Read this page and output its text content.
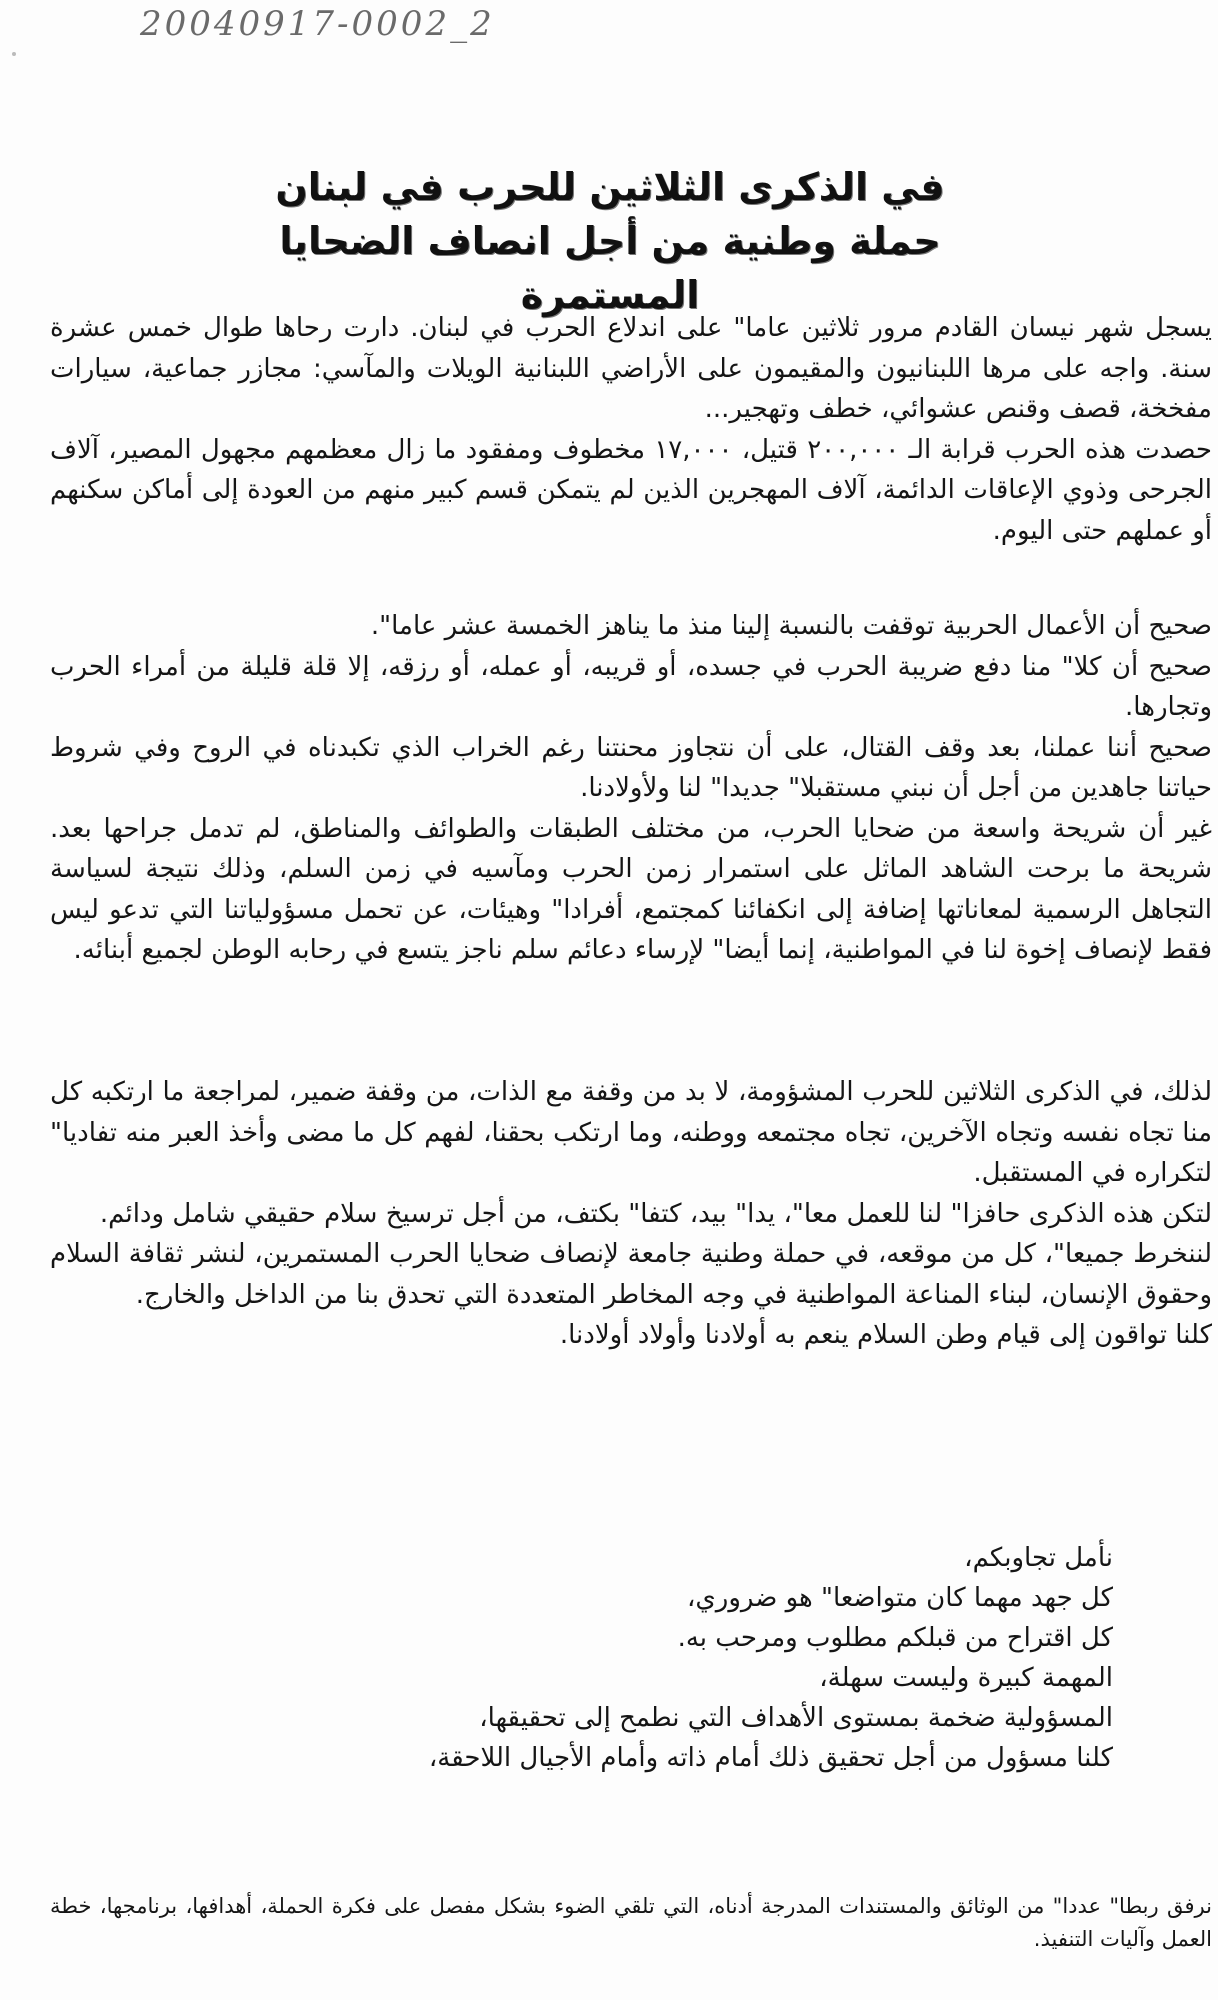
20040917-0002_2
في الذكرى الثلاثين للحرب في لبنان
حملة وطنية من أجل انصاف الضحايا المستمرة

يسجل شهر نيسان القادم مرور ثلاثين عاما" على اندلاع الحرب في لبنان. دارت رحاها طوال خمس عشرة سنة. واجه على مرها اللبنانيون والمقيمون على الأراضي اللبنانية الويلات والمآسي: مجازر جماعية، سيارات مفخخة، قصف وقنص عشوائي، خطف وتهجير...

حصدت هذه الحرب قرابة الـ ٢٠٠,٠٠٠ قتيل، ١٧,٠٠٠ مخطوف ومفقود ما زال معظمهم مجهول المصير، آلاف الجرحى وذوي الإعاقات الدائمة، آلاف المهجرين الذين لم يتمكن قسم كبير منهم من العودة إلى أماكن سكنهم أو عملهم حتى اليوم.

صحيح أن الأعمال الحربية توقفت بالنسبة إلينا منذ ما يناهز الخمسة عشر عاما".

صحيح أن كلا" منا دفع ضريبة الحرب في جسده، أو قريبه، أو عمله، أو رزقه، إلا قلة قليلة من أمراء الحرب وتجارها.

صحيح أننا عملنا، بعد وقف القتال، على أن نتجاوز محنتنا رغم الخراب الذي تكبدناه في الروح وفي شروط حياتنا جاهدين من أجل أن نبني مستقبلا" جديدا" لنا ولأولادنا.

غير أن شريحة واسعة من ضحايا الحرب، من مختلف الطبقات والطوائف والمناطق، لم تدمل جراحها بعد. شريحة ما برحت الشاهد الماثل على استمرار زمن الحرب ومآسيه في زمن السلم، وذلك نتيجة لسياسة التجاهل الرسمية لمعاناتها إضافة إلى انكفائنا كمجتمع، أفرادا" وهيئات، عن تحمل مسؤولياتنا التي تدعو ليس فقط لإنصاف إخوة لنا في المواطنية، إنما أيضا" لإرساء دعائم سلم ناجز يتسع في رحابه الوطن لجميع أبنائه.

لذلك، في الذكرى الثلاثين للحرب المشؤومة، لا بد من وقفة مع الذات، من وقفة ضمير، لمراجعة ما ارتكبه كل منا تجاه نفسه وتجاه الآخرين، تجاه مجتمعه ووطنه، وما ارتكب بحقنا، لفهم كل ما مضى وأخذ العبر منه تفاديا" لتكراره في المستقبل.

لتكن هذه الذكرى حافزا" لنا للعمل معا"، يدا" بيد، كتفا" بكتف، من أجل ترسيخ سلام حقيقي شامل ودائم.

لننخرط جميعا"، كل من موقعه، في حملة وطنية جامعة لإنصاف ضحايا الحرب المستمرين، لنشر ثقافة السلام وحقوق الإنسان، لبناء المناعة المواطنية في وجه المخاطر المتعددة التي تحدق بنا من الداخل والخارج.

كلنا تواقون إلى قيام وطن السلام ينعم به أولادنا وأولاد أولادنا.

نأمل تجاوبكم،

كل جهد مهما كان متواضعا" هو ضروري،

كل اقتراح من قبلكم مطلوب ومرحب به.

المهمة كبيرة وليست سهلة،

المسؤولية ضخمة بمستوى الأهداف التي نطمح إلى تحقيقها،

كلنا مسؤول من أجل تحقيق ذلك أمام ذاته وأمام الأجيال اللاحقة،

نرفق ربطا" عددا" من الوثائق والمستندات المدرجة أدناه، التي تلقي الضوء بشكل مفصل على فكرة الحملة، أهدافها، برنامجها، خطة العمل وآليات التنفيذ.
